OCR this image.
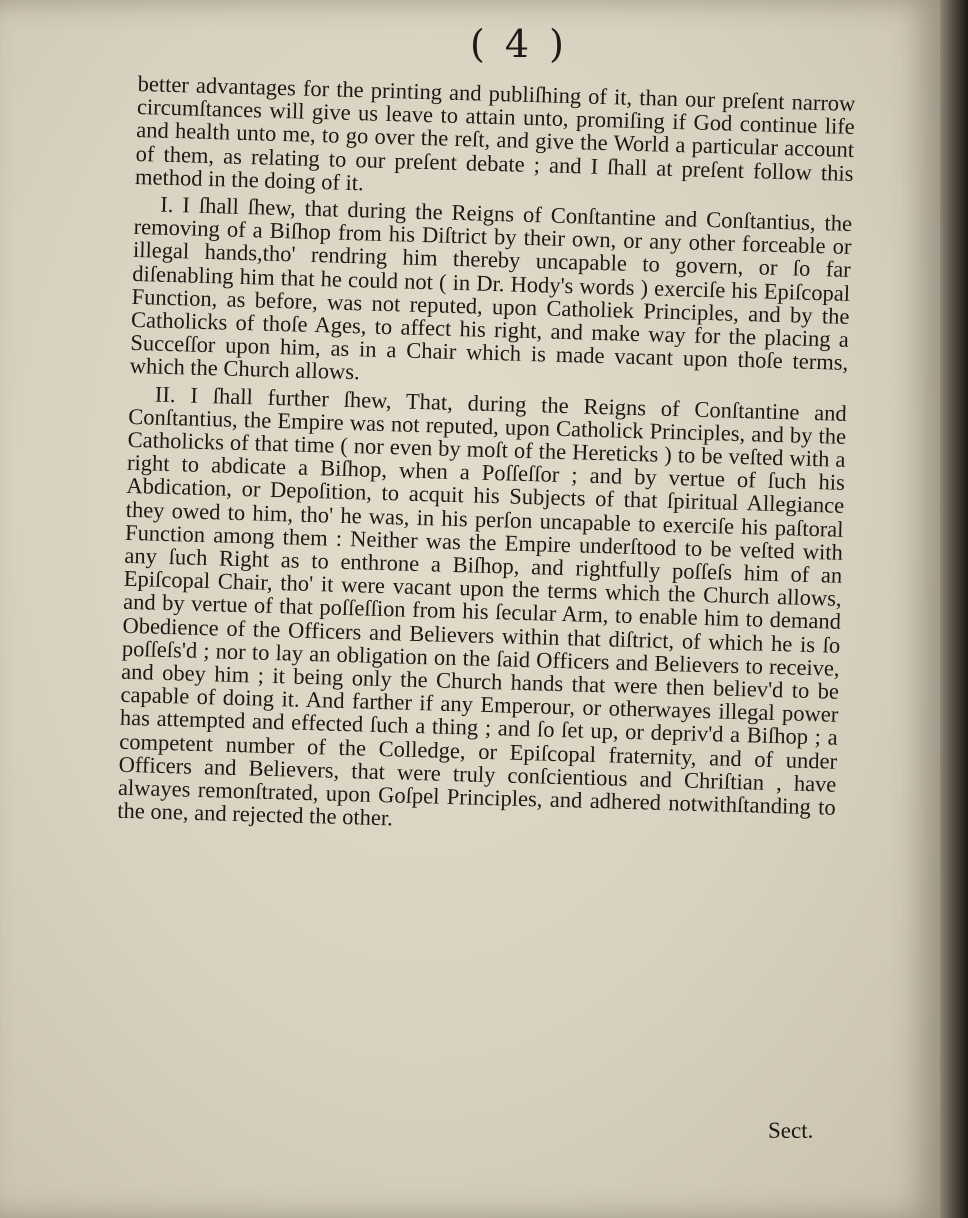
( 4 )

better advantages for the printing and publiſhing of it, than our preſent narrow circumſtances will give us leave to attain unto, promiſing if God continue life and health unto me, to go over the reſt, and give the World a particular account of them, as relating to our preſent debate ; and I ſhall at preſent follow this method in the doing of it.

I. I ſhall ſhew, that during the Reigns of Conſtantine and Conſtantius, the removing of a Biſhop from his Diſtrict by their own, or any other forceable or illegal hands,tho' rendring him thereby uncapable to govern, or ſo far diſenabling him that he could not ( in Dr. Hody's words ) exerciſe his Epiſcopal Function, as before, was not reputed, upon Catholiek Principles, and by the Catholicks of thoſe Ages, to affect his right, and make way for the placing a Succeſſor upon him, as in a Chair which is made vacant upon thoſe terms, which the Church allows.

II. I ſhall further ſhew, That, during the Reigns of Conſtantine and Conſtantius, the Empire was not reputed, upon Catholick Principles, and by the Catholicks of that time ( nor even by moſt of the Hereticks ) to be veſted with a right to abdicate a Biſhop, when a Poſſeſſor ; and by vertue of ſuch his Abdication, or Depoſition, to acquit his Subjects of that ſpiritual Allegiance they owed to him, tho' he was, in his perſon uncapable to exerciſe his paſtoral Function among them : Neither was the Empire underſtood to be veſted with any ſuch Right as to enthrone a Biſhop, and rightfully poſſeſs him of an Epiſcopal Chair, tho' it were vacant upon the terms which the Church allows, and by vertue of that poſſeſſion from his ſecular Arm, to enable him to demand Obedience of the Officers and Believers within that diſtrict, of which he is ſo poſſeſs'd ; nor to lay an obligation on the ſaid Officers and Believers to receive, and obey him ; it being only the Church hands that were then believ'd to be capable of doing it. And farther if any Emperour, or otherwayes illegal power has attempted and effected ſuch a thing ; and ſo ſet up, or depriv'd a Biſhop ; a competent number of the Colledge, or Epiſcopal fraternity, and of under Officers and Believers, that were truly conſcientious and Chriſtian , have alwayes remonſtrated, upon Goſpel Principles, and adhered notwithſtanding to the one, and rejected the other.

Sect.
